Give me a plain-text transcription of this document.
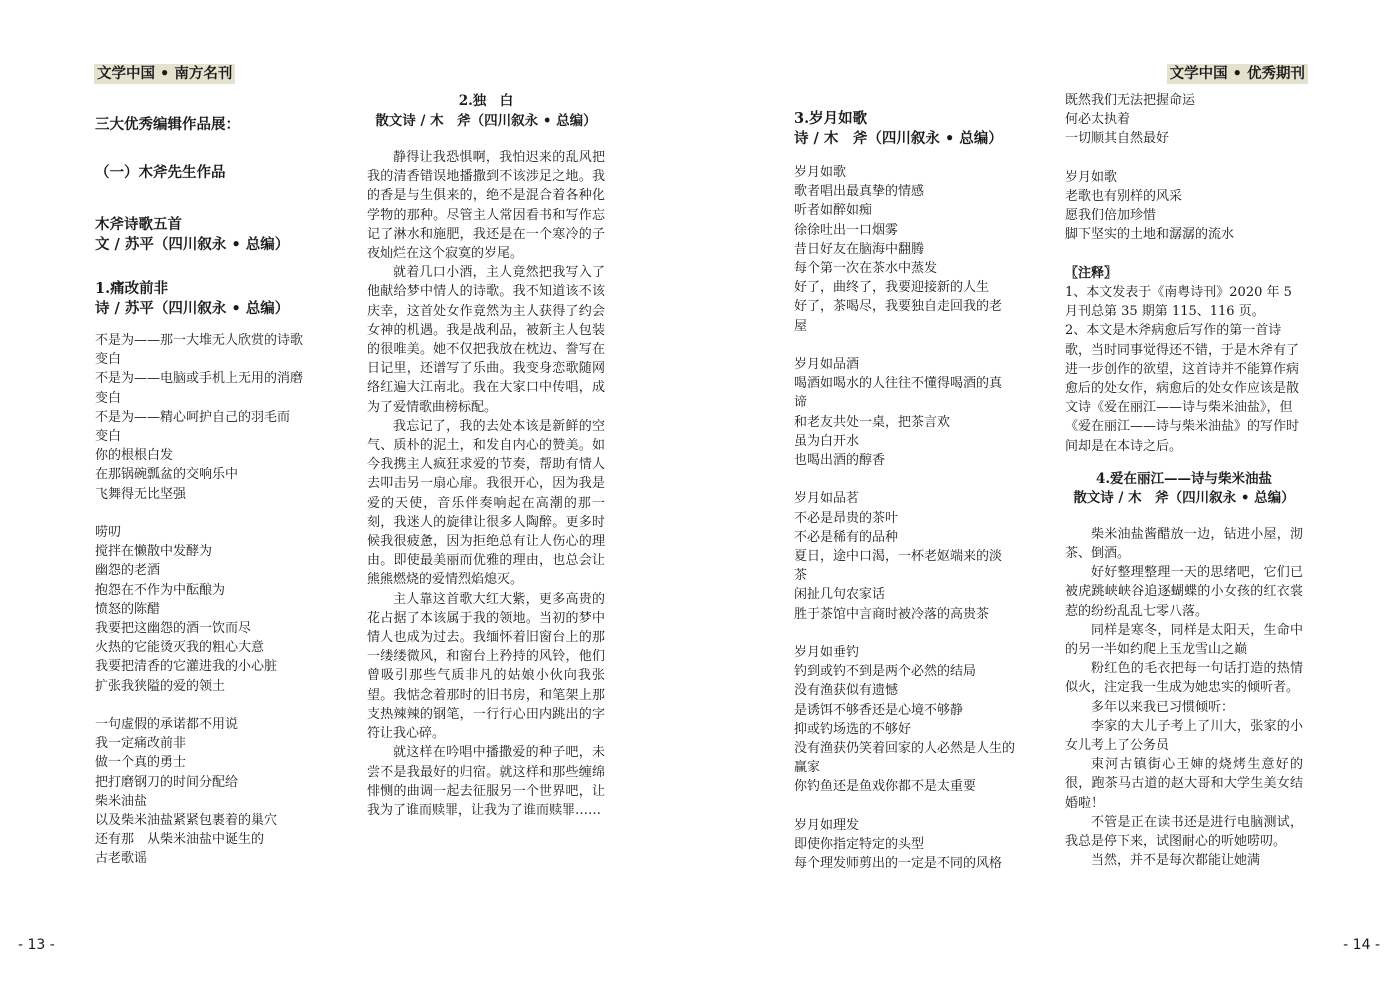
文学中国 • 南方名刊
三大优秀编辑作品展：
（一）木斧先生作品
木斧诗歌五首
文 / 苏平（四川叙永 • 总编）
1.痛改前非
诗 / 苏平（四川叙永 • 总编）

不是为——那一大堆无人欣赏的诗歌

变白

不是为——电脑或手机上无用的消磨

变白

不是为——精心呵护自己的羽毛而

变白

你的根根白发

在那锅碗瓢盆的交响乐中

飞舞得无比坚强

唠叨

搅拌在懒散中发酵为

幽怨的老酒

抱怨在不作为中酝酿为

愤怒的陈醋

我要把这幽怨的酒一饮而尽

火热的它能烫灭我的粗心大意

我要把清香的它灌进我的小心脏

扩张我狭隘的爱的领土

一句虚假的承诺都不用说

我一定痛改前非

做一个真的勇士

把打磨钢刀的时间分配给

柴米油盐

以及柴米油盐紧紧包裹着的巢穴

还有那　从柴米油盐中诞生的

古老歌谣

2.独　白
散文诗 / 木　斧（四川叙永 • 总编）

静得让我恐惧啊，我怕迟来的乱风把我的清香错误地播撒到不该涉足之地。我的香是与生俱来的，绝不是混合着各种化学物的那种。尽管主人常因看书和写作忘记了淋水和施肥，我还是在一个寒冷的子夜灿烂在这个寂寞的岁尾。

就着几口小酒，主人竟然把我写入了他献给梦中情人的诗歌。我不知道该不该庆幸，这首处女作竟然为主人获得了约会女神的机遇。我是战利品，被新主人包装的很唯美。她不仅把我放在枕边、誊写在日记里，还谱写了乐曲。我变身恋歌随网络红遍大江南北。我在大家口中传唱，成为了爱情歌曲榜标配。

我忘记了，我的去处本该是新鲜的空气、质朴的泥土，和发自内心的赞美。如今我携主人疯狂求爱的节奏，帮助有情人去叩击另一扇心扉。我很开心，因为我是爱的天使，音乐伴奏响起在高潮的那一刻，我迷人的旋律让很多人陶醉。更多时候我很疲惫，因为拒绝总有让人伤心的理由。即使最美丽而优雅的理由，也总会让熊熊燃烧的爱情烈焰熄灭。

主人靠这首歌大红大紫，更多高贵的花占据了本该属于我的领地。当初的梦中情人也成为过去。我缅怀着旧窗台上的那一缕缕微风，和窗台上矜持的风铃，他们曾吸引那些气质非凡的姑娘小伙向我张望。我惦念着那时的旧书房，和笔架上那支热辣辣的钢笔，一行行心田内跳出的字符让我心碎。

就这样在吟唱中播撒爱的种子吧，未尝不是我最好的归宿。就这样和那些缠绵悱恻的曲调一起去征服另一个世界吧，让我为了谁而赎罪，让我为了谁而赎罪……

- 13 -
文学中国 • 优秀期刊
3.岁月如歌
诗 / 木　斧（四川叙永 • 总编）

岁月如歌

歌者唱出最真挚的情感

听者如醉如痴

徐徐吐出一口烟雾

昔日好友在脑海中翻腾

每个第一次在茶水中蒸发

好了，曲终了，我要迎接新的人生

好了，茶喝尽，我要独自走回我的老

屋

岁月如品酒

喝酒如喝水的人往往不懂得喝酒的真

谛

和老友共处一桌，把茶言欢

虽为白开水

也喝出酒的醇香

岁月如品茗

不必是昂贵的茶叶

不必是稀有的品种

夏日，途中口渴，一杯老妪端来的淡

茶

闲扯几句农家话

胜于茶馆中言商时被冷落的高贵茶

岁月如垂钓

钓到或钓不到是两个必然的结局

没有渔获似有遗憾

是诱饵不够香还是心境不够静

抑或钓场选的不够好

没有渔获仍笑着回家的人必然是人生的

赢家

你钓鱼还是鱼戏你都不是太重要

岁月如理发

即使你指定特定的头型

每个理发师剪出的一定是不同的风格

既然我们无法把握命运

何必太执着

一切顺其自然最好

岁月如歌

老歌也有别样的风采

愿我们倍加珍惜

脚下坚实的土地和潺潺的流水

〖注释〗

1、本文发表于《南粤诗刊》2020 年 5 月刊总第 35 期第 115、116 页。

2、本文是木斧病愈后写作的第一首诗歌，当时同事觉得还不错，于是木斧有了进一步创作的欲望，这首诗并不能算作病愈后的处女作，病愈后的处女作应该是散文诗《爱在丽江——诗与柴米油盐》，但《爱在丽江——诗与柴米油盐》的写作时间却是在本诗之后。

4.爱在丽江——诗与柴米油盐
散文诗 / 木　斧（四川叙永 • 总编）

柴米油盐酱醋放一边，钻进小屋，沏茶、倒酒。

好好整理整理一天的思绪吧，它们已被虎跳峡峡谷追逐蝴蝶的小女孩的红衣裳惹的纷纷乱乱七零八落。

同样是寒冬，同样是太阳天，生命中的另一半如约爬上玉龙雪山之巅

粉红色的毛衣把每一句话打造的热情似火，注定我一生成为她忠实的倾听者。

多年以来我已习惯倾听：

李家的大儿子考上了川大，张家的小女儿考上了公务员

束河古镇街心王婶的烧烤生意好的很，跑茶马古道的赵大哥和大学生美女结婚啦！

不管是正在读书还是进行电脑测试，我总是停下来，试图耐心的听她唠叨。

当然，并不是每次都能让她满

- 14 -
